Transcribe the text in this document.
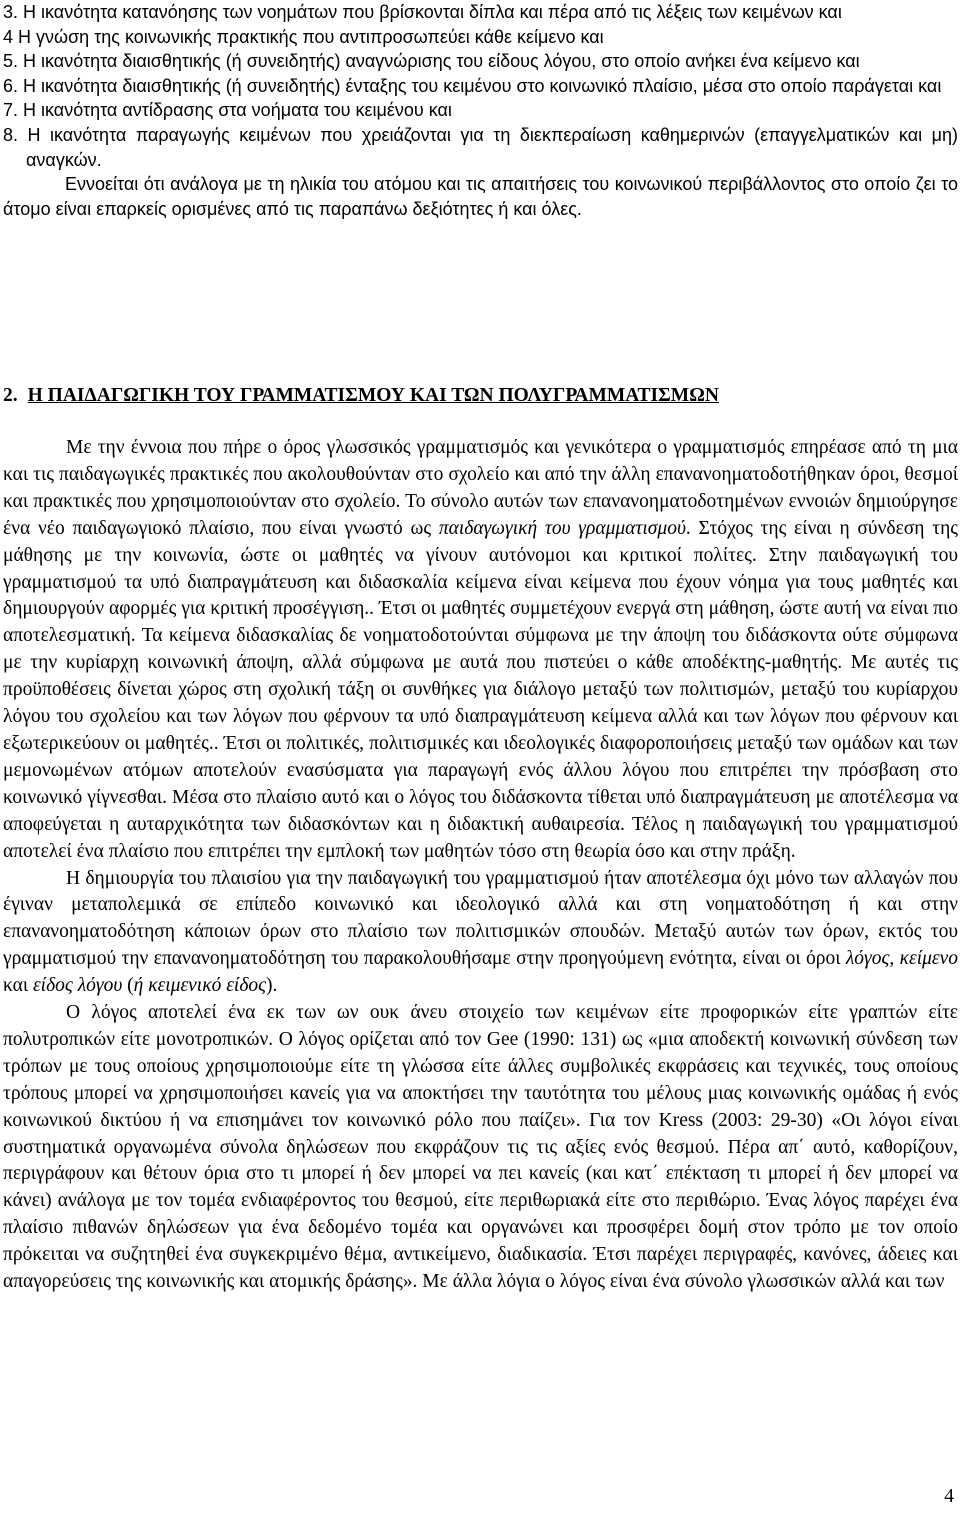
3. Η ικανότητα κατανόησης των νοημάτων που βρίσκονται δίπλα και πέρα από τις λέξεις των κειμένων και
4 Η γνώση της κοινωνικής πρακτικής που αντιπροσωπεύει κάθε κείμενο και
5. Η ικανότητα διαισθητικής (ή συνειδητής) αναγνώρισης του είδους λόγου, στο οποίο ανήκει ένα κείμενο και
6. Η ικανότητα διαισθητικής (ή συνειδητής) ένταξης του κειμένου στο κοινωνικό πλαίσιο, μέσα στο οποίο παράγεται και
7. Η ικανότητα αντίδρασης στα νοήματα του κειμένου και
8. Η ικανότητα παραγωγής κειμένων που χρειάζονται για τη διεκπεραίωση καθημερινών (επαγγελματικών και μη) αναγκών.
Εννοείται ότι ανάλογα με τη ηλικία του ατόμου και τις απαιτήσεις του κοινωνικού περιβάλλοντος στο οποίο ζει το άτομο είναι επαρκείς ορισμένες από τις παραπάνω δεξιότητες ή και όλες.
2. Η ΠΑΙΔΑΓΩΓΙΚΗ ΤΟΥ ΓΡΑΜΜΑΤΙΣΜΟΥ ΚΑΙ ΤΩΝ ΠΟΛΥΓΡΑΜΜΑΤΙΣΜΩΝ

Με την έννοια που πήρε ο όρος γλωσσικός γραμματισμός και γενικότερα ο γραμματισμός επηρέασε από τη μια και τις παιδαγωγικές πρακτικές που ακολουθούνταν στο σχολείο και από την άλλη επανανοηματοδοτήθηκαν όροι, θεσμοί και πρακτικές που χρησιμοποιούνταν στο σχολείο. Το σύνολο αυτών των επανανοηματοδοτημένων εννοιών δημιούργησε ένα νέο παιδαγωγιοκό πλαίσιο, που είναι γνωστό ως παιδαγωγική του γραμματισμού. Στόχος της είναι η σύνδεση της μάθησης με την κοινωνία, ώστε οι μαθητές να γίνουν αυτόνομοι και κριτικοί πολίτες. Στην παιδαγωγική του γραμματισμού τα υπό διαπραγμάτευση και διδασκαλία κείμενα είναι κείμενα που έχουν νόημα για τους μαθητές και δημιουργούν αφορμές για κριτική προσέγγιση.. Έτσι οι μαθητές συμμετέχουν ενεργά στη μάθηση, ώστε αυτή να είναι πιο αποτελεσματική. Τα κείμενα διδασκαλίας δε νοηματοδοτούνται σύμφωνα με την άποψη του διδάσκοντα ούτε σύμφωνα με την κυρίαρχη κοινωνική άποψη, αλλά σύμφωνα με αυτά που πιστεύει ο κάθε αποδέκτης-μαθητής. Με αυτές τις προϋποθέσεις δίνεται χώρος στη σχολική τάξη οι συνθήκες για διάλογο μεταξύ των πολιτισμών, μεταξύ του κυρίαρχου λόγου του σχολείου και των λόγων που φέρνουν τα υπό διαπραγμάτευση κείμενα αλλά και των λόγων που φέρνουν και εξωτερικεύουν οι μαθητές.. Έτσι οι πολιτικές, πολιτισμικές και ιδεολογικές διαφοροποιήσεις μεταξύ των ομάδων και των μεμονωμένων ατόμων αποτελούν ενασύσματα για παραγωγή ενός άλλου λόγου που επιτρέπει την πρόσβαση στο κοινωνικό γίγνεσθαι. Μέσα στο πλαίσιο αυτό και ο λόγος του διδάσκοντα τίθεται υπό διαπραγμάτευση με αποτέλεσμα να αποφεύγεται η αυταρχικότητα των διδασκόντων και η διδακτική αυθαιρεσία. Τέλος η παιδαγωγική του γραμματισμού αποτελεί ένα πλαίσιο που επιτρέπει την εμπλοκή των μαθητών τόσο στη θεωρία όσο και στην πράξη.

Η δημιουργία του πλαισίου για την παιδαγωγική του γραμματισμού ήταν αποτέλεσμα όχι μόνο των αλλαγών που έγιναν μεταπολεμικά σε επίπεδο κοινωνικό και ιδεολογικό αλλά και στη νοηματοδότηση ή και στην επανανοηματοδότηση κάποιων όρων στο πλαίσιο των πολιτισμικών σπουδών. Μεταξύ αυτών των όρων, εκτός του γραμματισμού την επανανοηματοδότηση του παρακολουθήσαμε στην προηγούμενη ενότητα, είναι οι όροι λόγος, κείμενο και είδος λόγου (ή κειμενικό είδος).

Ο λόγος αποτελεί ένα εκ των ων ουκ άνευ στοιχείο των κειμένων είτε προφορικών είτε γραπτών είτε πολυτροπικών είτε μονοτροπικών. Ο λόγος ορίζεται από τον Gee (1990: 131) ως «μια αποδεκτή κοινωνική σύνδεση των τρόπων με τους οποίους χρησιμοποιούμε είτε τη γλώσσα είτε άλλες συμβολικές εκφράσεις και τεχνικές, τους οποίους τρόπους μπορεί να χρησιμοποιήσει κανείς για να αποκτήσει την ταυτότητα του μέλους μιας κοινωνικής ομάδας ή ενός κοινωνικού δικτύου ή να επισημάνει τον κοινωνικό ρόλο που παίζει». Για τον Kress (2003: 29-30) «Οι λόγοι είναι συστηματικά οργανωμένα σύνολα δηλώσεων που εκφράζουν τις τις αξίες ενός θεσμού. Πέρα απ΄ αυτό, καθορίζουν, περιγράφουν και θέτουν όρια στο τι μπορεί ή δεν μπορεί να πει κανείς (και κατ΄ επέκταση τι μπορεί ή δεν μπορεί να κάνει) ανάλογα με τον τομέα ενδιαφέροντος του θεσμού, είτε περιθωριακά είτε στο περιθώριο. Ένας λόγος παρέχει ένα πλαίσιο πιθανών δηλώσεων για ένα δεδομένο τομέα και οργανώνει και προσφέρει δομή στον τρόπο με τον οποίο πρόκειται να συζητηθεί ένα συγκεκριμένο θέμα, αντικείμενο, διαδικασία. Έτσι παρέχει περιγραφές, κανόνες, άδειες και απαγορεύσεις της κοινωνικής και ατομικής δράσης». Με άλλα λόγια ο λόγος είναι ένα σύνολο γλωσσικών αλλά και των

4
